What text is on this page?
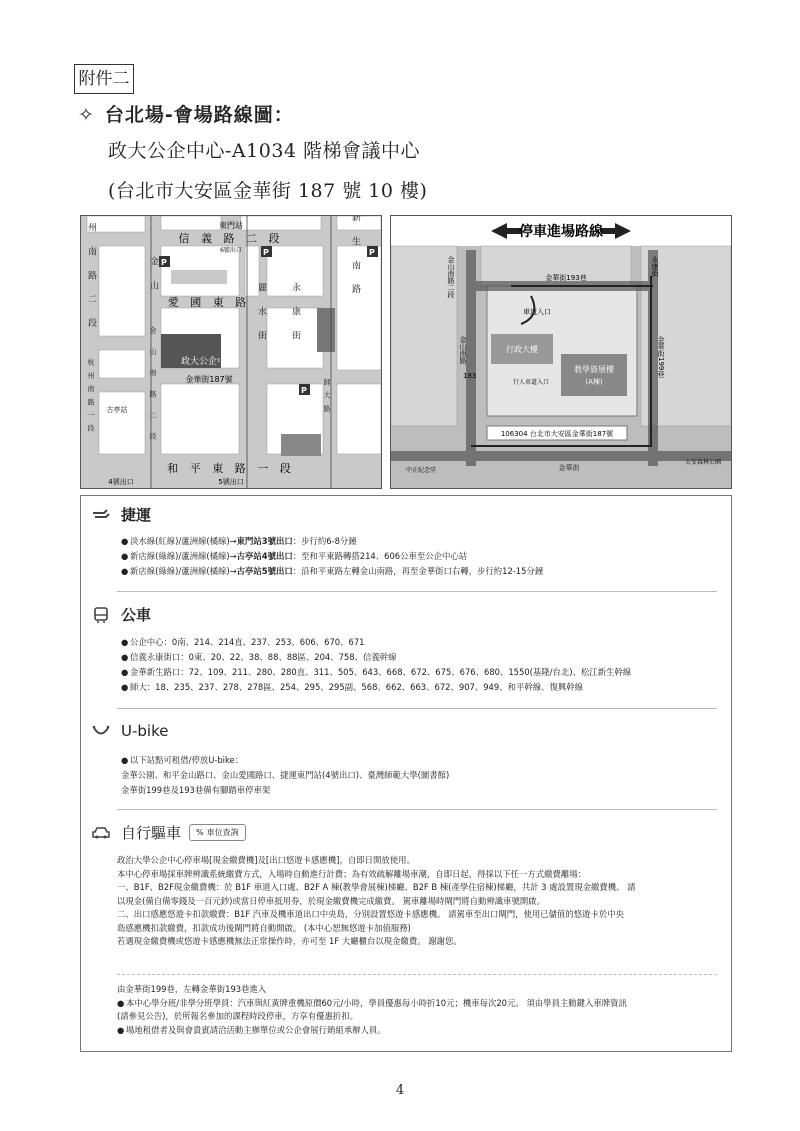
附件二
✧ 台北場-會場路線圖：
政大公企中心-A1034 階梯會議中心
(台北市大安區金華街 187 號 10 樓)
東門站
信 義 路 二 段
6號出口
愛 國 東 路
政大公企中心
金華街187號
和 平 東 路 一 段
4號出口	5號出口
古亭站
杭 州 南 路 二 段	金 山
麗 水 街	永 康 街
新 生 南 路
杭 州 南 路 一 段	金 山 南 路 二 段	師 大 路
P
P	P
P
停車進場路線
行政大樓
教學資展樓
(A棟)
車道入口
行人車道入口
金華街193巷
金山南路二段	永康街
金華街199巷
金山南路
183
106304 台北市大安區金華街187號
金華街
中正紀念堂
大安森林公園
捷運
● 淡水線(紅線)/蘆洲線(橘線)→東門站3號出口：步行約6-8分鐘
● 新店線(綠線)/蘆洲線(橘線)→古亭站4號出口：至和平東路轉搭214、606公車至公企中心站
● 新店線(綠線)/蘆洲線(橘線)→古亭站5號出口：沿和平東路左轉金山南路，再至金華街口右轉，步行約12-15分鐘
公車
● 公企中心：0南、214、214直、237、253、606、670、671
● 信義永康街口：0東、20、22、38、88、88區、204、758、信義幹線
● 金華新生路口：72、109、211、280、280直、311、505、643、668、672、675、676、680、1550(基隆/台北)、松江新生幹線
● 師大：18、235、237、278、278區、254、295、295副、568、662、663、672、907、949、和平幹線、復興幹線
U-bike
● 以下站點可租借/停放U-bike：
金華公園、和平金山路口、金山愛國路口、捷運東門站(4號出口)、臺灣師範大學(圖書館)
金華街199巷及193巷備有腳踏車停車架
自行驅車 % 車位查詢
政治大學公企中心停車場[現金繳費機]及[出口悠遊卡感應機]，自即日開放使用。
本中心停車場採車牌辨識系統繳費方式，入場時自動進行計費；為有效疏解離場車潮，自即日起，得採以下任一方式繳費離場：
一、B1F、B2F現金繳費機：於 B1F 車道入口處、B2F A 棟(教學會展棟)梯廳、B2F B 棟(產學住宿棟)梯廳，共計 3 處設置現金繳費機。 請
以現金(備自備零錢及一百元鈔)或當日停車抵用券，於現金繳費機完成繳費。 駕車離場時閘門將自動辨識車號開啟。
二、出口感應悠遊卡扣款繳費：B1F 汽車及機車道出口中央島，分別設置悠遊卡感應機。 請駕車至出口閘門，使用已儲值的悠遊卡於中央
島感應機扣款繳費，扣款成功後閘門將自動開啟。 (本中心恕無悠遊卡加值服務)
若遇現金繳費機或悠遊卡感應機無法正常操作時，亦可至 1F 大廳櫃台以現金繳費。 謝謝您。
由金華街199巷，左轉金華街193巷進入
● 本中心學分班/非學分班學員：汽車與紅黃牌重機原價60元/小時，學員優惠每小時折10元；機車每次20元。 須由學員主動鍵入車牌資訊
(請參見公告)，於所報名參加的課程時段停車，方享有優惠折扣。
● 場地租借者及與會貴賓請洽活動主辦單位或公企會展行銷組承辦人員。
4
